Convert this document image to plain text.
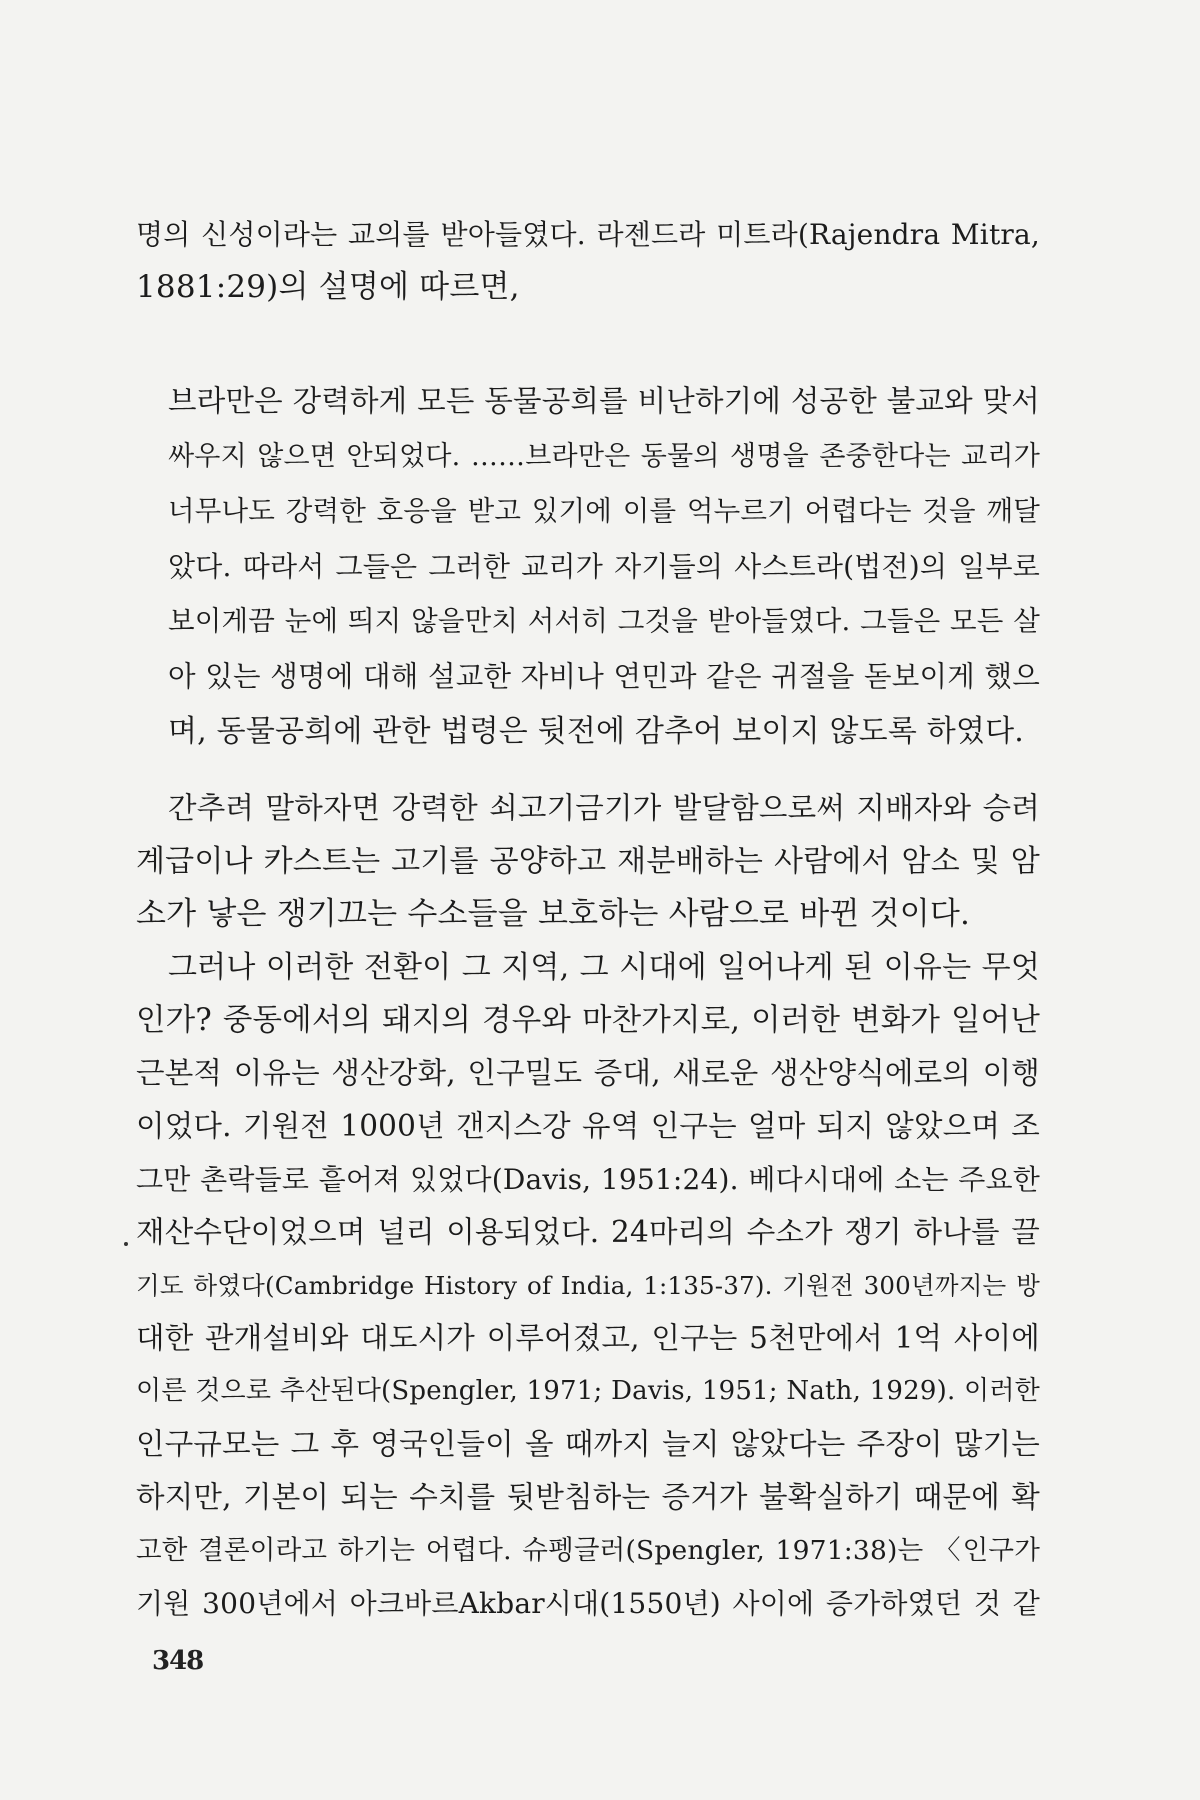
명의 신성이라는 교의를 받아들였다. 라젠드라 미트라(Rajendra Mitra,
1881:29)의 설명에 따르면,
브라만은 강력하게 모든 동물공희를 비난하기에 성공한 불교와 맞서
싸우지 않으면 안되었다. ……브라만은 동물의 생명을 존중한다는 교리가
너무나도 강력한 호응을 받고 있기에 이를 억누르기 어렵다는 것을 깨달
았다. 따라서 그들은 그러한 교리가 자기들의 사스트라(법전)의 일부로
보이게끔 눈에 띄지 않을만치 서서히 그것을 받아들였다. 그들은 모든 살
아 있는 생명에 대해 설교한 자비나 연민과 같은 귀절을 돋보이게 했으
며, 동물공희에 관한 법령은 뒷전에 감추어 보이지 않도록 하였다.
간추려 말하자면 강력한 쇠고기금기가 발달함으로써 지배자와 승려
계급이나 카스트는 고기를 공양하고 재분배하는 사람에서 암소 및 암
소가 낳은 쟁기끄는 수소들을 보호하는 사람으로 바뀐 것이다.
그러나 이러한 전환이 그 지역, 그 시대에 일어나게 된 이유는 무엇
인가? 중동에서의 돼지의 경우와 마찬가지로, 이러한 변화가 일어난
근본적 이유는 생산강화, 인구밀도 증대, 새로운 생산양식에로의 이행
이었다. 기원전 1000년 갠지스강 유역 인구는 얼마 되지 않았으며 조
그만 촌락들로 흩어져 있었다(Davis, 1951:24). 베다시대에 소는 주요한
재산수단이었으며 널리 이용되었다. 24마리의 수소가 쟁기 하나를 끌
기도 하였다(Cambridge History of India, 1:135-37). 기원전 300년까지는 방
대한 관개설비와 대도시가 이루어졌고, 인구는 5천만에서 1억 사이에
이른 것으로 추산된다(Spengler, 1971; Davis, 1951; Nath, 1929). 이러한
인구규모는 그 후 영국인들이 올 때까지 늘지 않았다는 주장이 많기는
하지만, 기본이 되는 수치를 뒷받침하는 증거가 불확실하기 때문에 확
고한 결론이라고 하기는 어렵다. 슈펭글러(Spengler, 1971:38)는 〈인구가
기원 300년에서 아크바르Akbar시대(1550년) 사이에 증가하였던 것 같
348
